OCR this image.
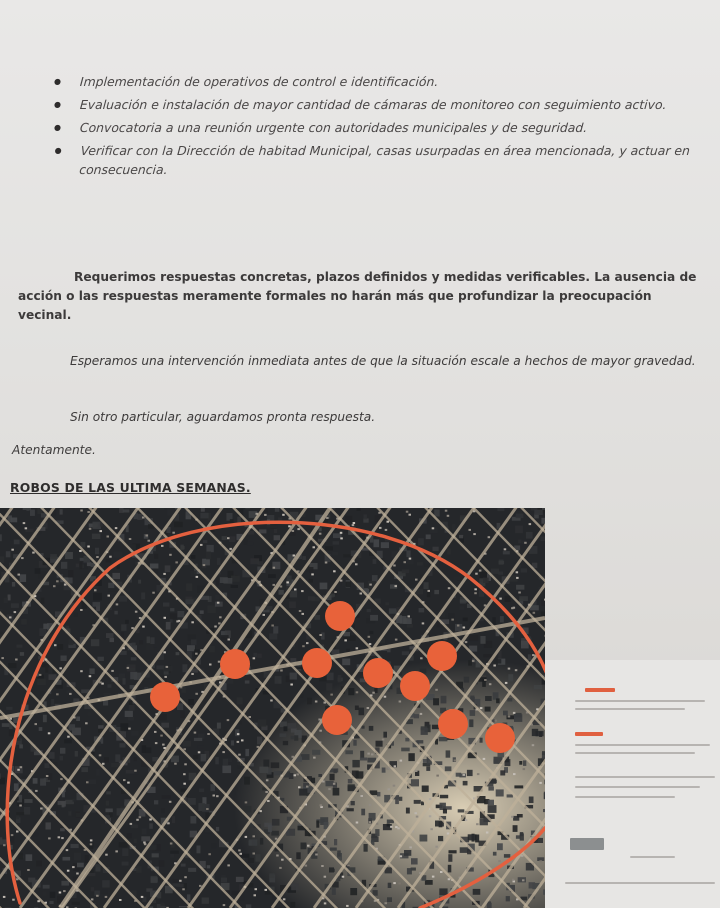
● Implementación de operativos de control e identificación.
● Evaluación e instalación de mayor cantidad de cámaras de monitoreo con seguimiento activo.
● Convocatoria a una reunión urgente con autoridades municipales y de seguridad.
● Verificar con la Dirección de habitad Municipal, casas usurpadas en área mencionada, y actuar en consecuencia.

Requerimos respuestas concretas, plazos definidos y medidas verificables. La ausencia de acción o las respuestas meramente formales no harán más que profundizar la preocupación vecinal.

Esperamos una intervención inmediata antes de que la situación escale a hechos de mayor gravedad.

Sin otro particular, aguardamos pronta respuesta.

Atentamente.

ROBOS DE LAS ULTIMA SEMANAS.
